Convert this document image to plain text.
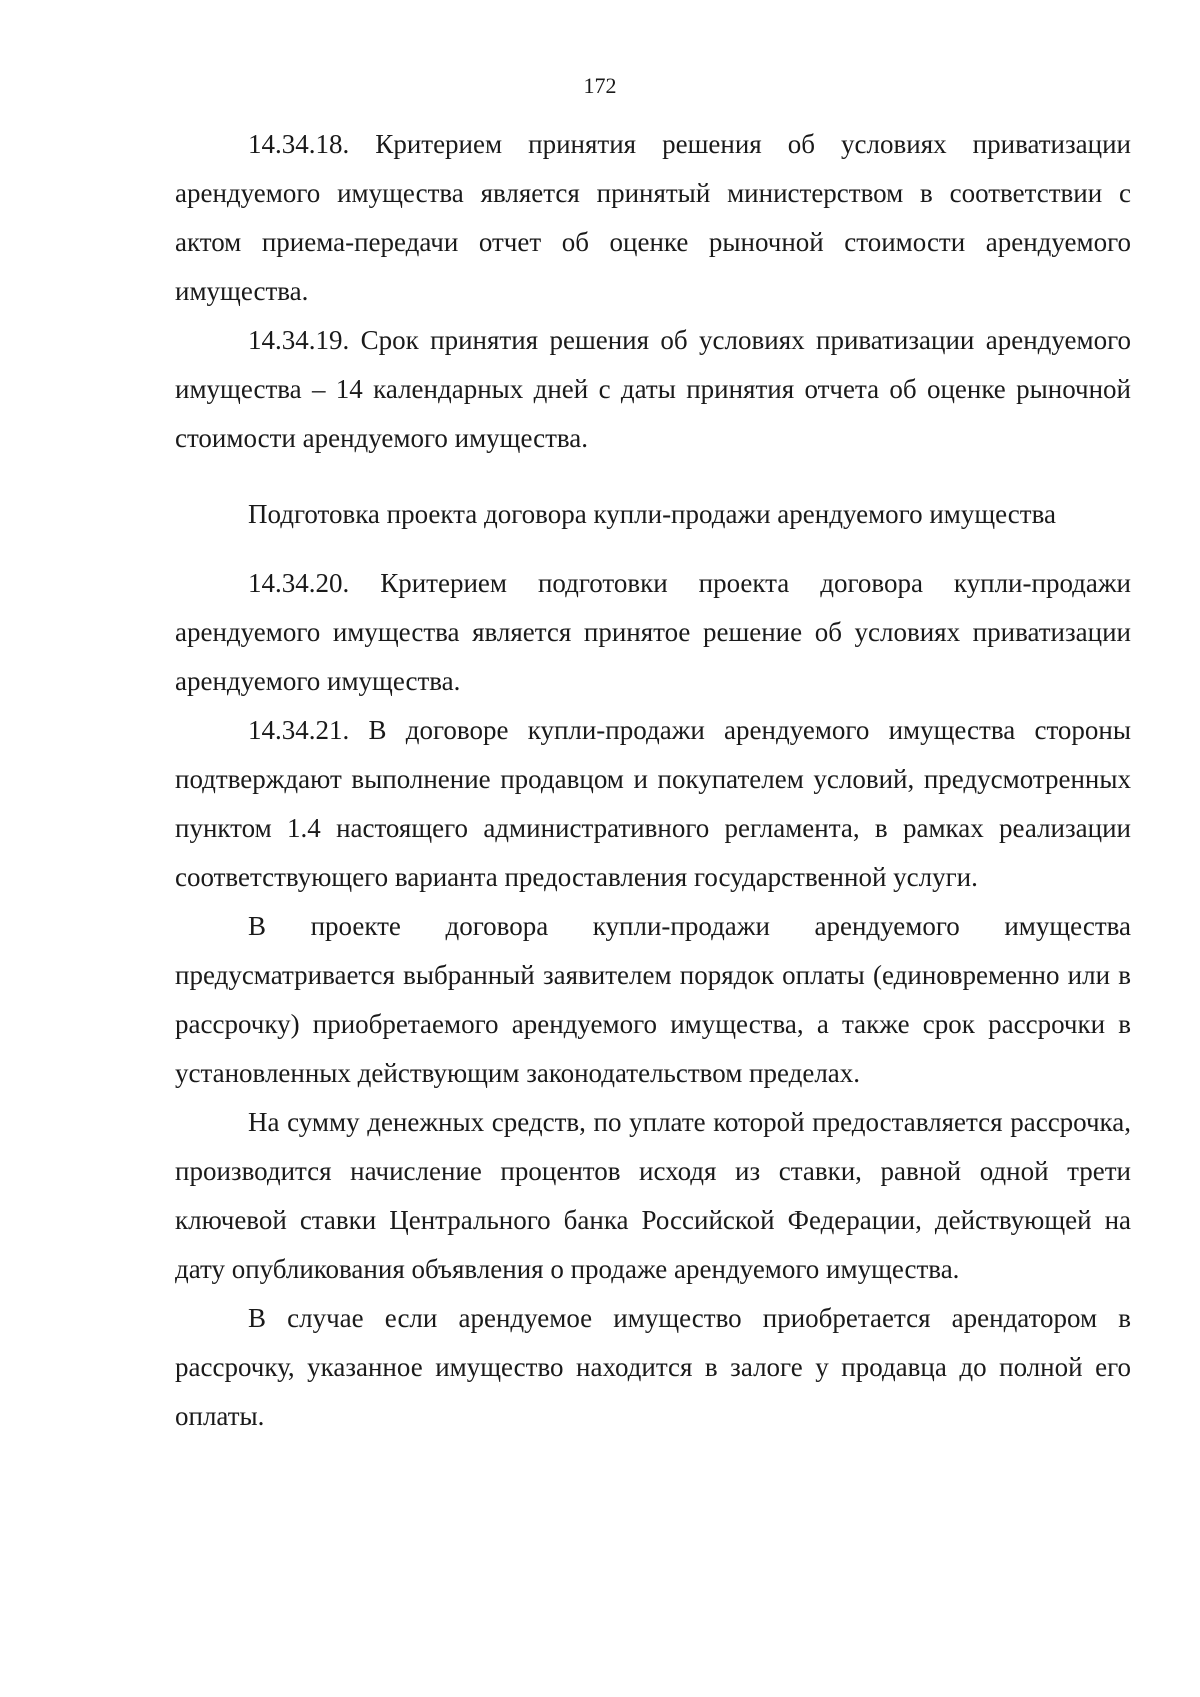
172

14.34.18. Критерием принятия решения об условиях приватизации арендуемого имущества является принятый министерством в соответствии с актом приема-передачи отчет об оценке рыночной стоимости арендуемого имущества.

14.34.19. Срок принятия решения об условиях приватизации арендуемого имущества – 14 календарных дней с даты принятия отчета об оценке рыночной стоимости арендуемого имущества.

Подготовка проекта договора купли-продажи арендуемого имущества

14.34.20. Критерием подготовки проекта договора купли-продажи арендуемого имущества является принятое решение об условиях приватизации арендуемого имущества.

14.34.21. В договоре купли-продажи арендуемого имущества стороны подтверждают выполнение продавцом и покупателем условий, предусмотренных пунктом 1.4 настоящего административного регламента, в рамках реализации соответствующего варианта предоставления государственной услуги.

В проекте договора купли-продажи арендуемого имущества предусматривается выбранный заявителем порядок оплаты (единовременно или в рассрочку) приобретаемого арендуемого имущества, а также срок рассрочки в установленных действующим законодательством пределах.

На сумму денежных средств, по уплате которой предоставляется рассрочка, производится начисление процентов исходя из ставки, равной одной трети ключевой ставки Центрального банка Российской Федерации, действующей на дату опубликования объявления о продаже арендуемого имущества.

В случае если арендуемое имущество приобретается арендатором в рассрочку, указанное имущество находится в залоге у продавца до полной его оплаты.
